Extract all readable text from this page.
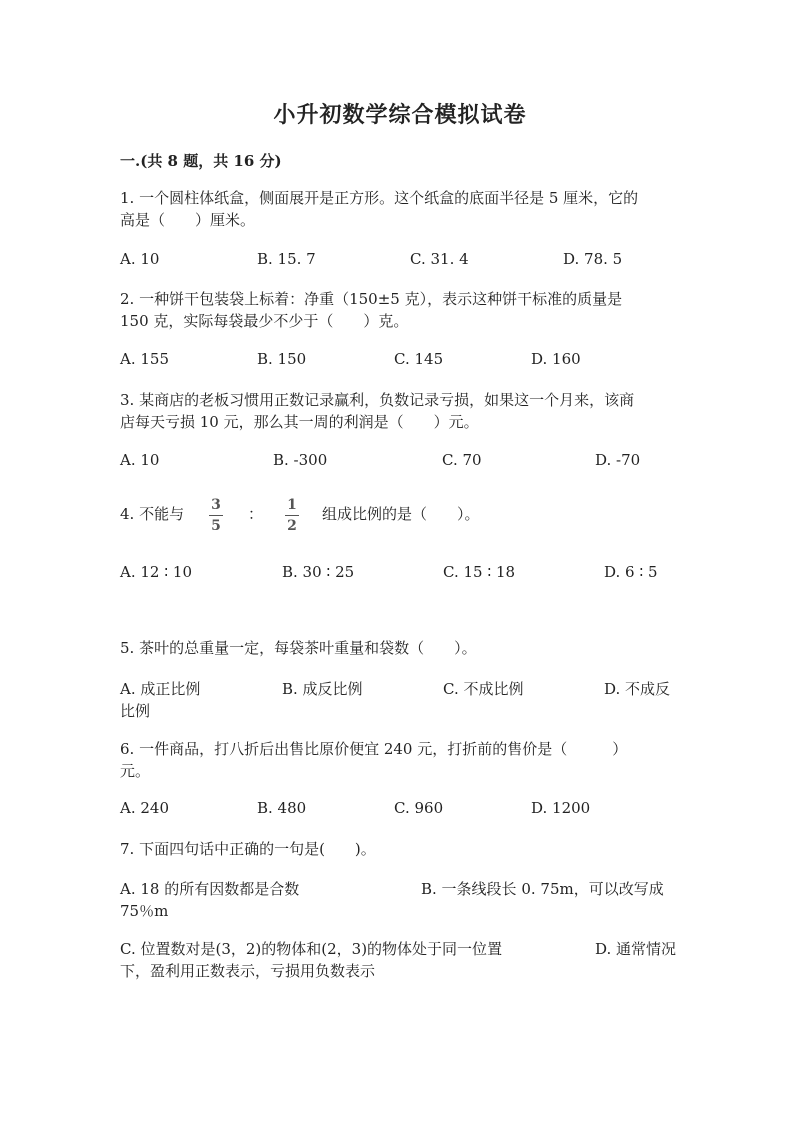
小升初数学综合模拟试卷
一.(共 8 题，共 16 分)
1. 一个圆柱体纸盒，侧面展开是正方形。这个纸盒的底面半径是 5 厘米，它的
高是（　　）厘米。
A. 10	B. 15. 7	C. 31. 4	D. 78. 5
2. 一种饼干包装袋上标着：净重（150±5 克），表示这种饼干标准的质量是
150 克，实际每袋最少不少于（　　）克。
A. 155	B. 150	C. 145	D. 160
3. 某商店的老板习惯用正数记录赢利，负数记录亏损，如果这一个月来，该商
店每天亏损 10 元，那么其一周的利润是（　　）元。
A. 10	B. -300	C. 70	D. -70
4. 不能与	3
5
：	1
2
组成比例的是（　　）。
A. 12 ∶ 10	B. 30 ∶ 25	C. 15 ∶ 18	D. 6 ∶ 5
5. 茶叶的总重量一定，每袋茶叶重量和袋数（　　）。
A. 成正比例	B. 成反比例	C. 不成比例	D. 不成反
比例
6. 一件商品，打八折后出售比原价便宜 240 元，打折前的售价是（　　　）
元。
A. 240	B. 480	C. 960	D. 1200
7. 下面四句话中正确的一句是(　　)。
A. 18 的所有因数都是合数	B. 一条线段长 0. 75m，可以改写成
75％m
C. 位置数对是(3，2)的物体和(2，3)的物体处于同一位置	D. 通常情况
下，盈利用正数表示，亏损用负数表示
